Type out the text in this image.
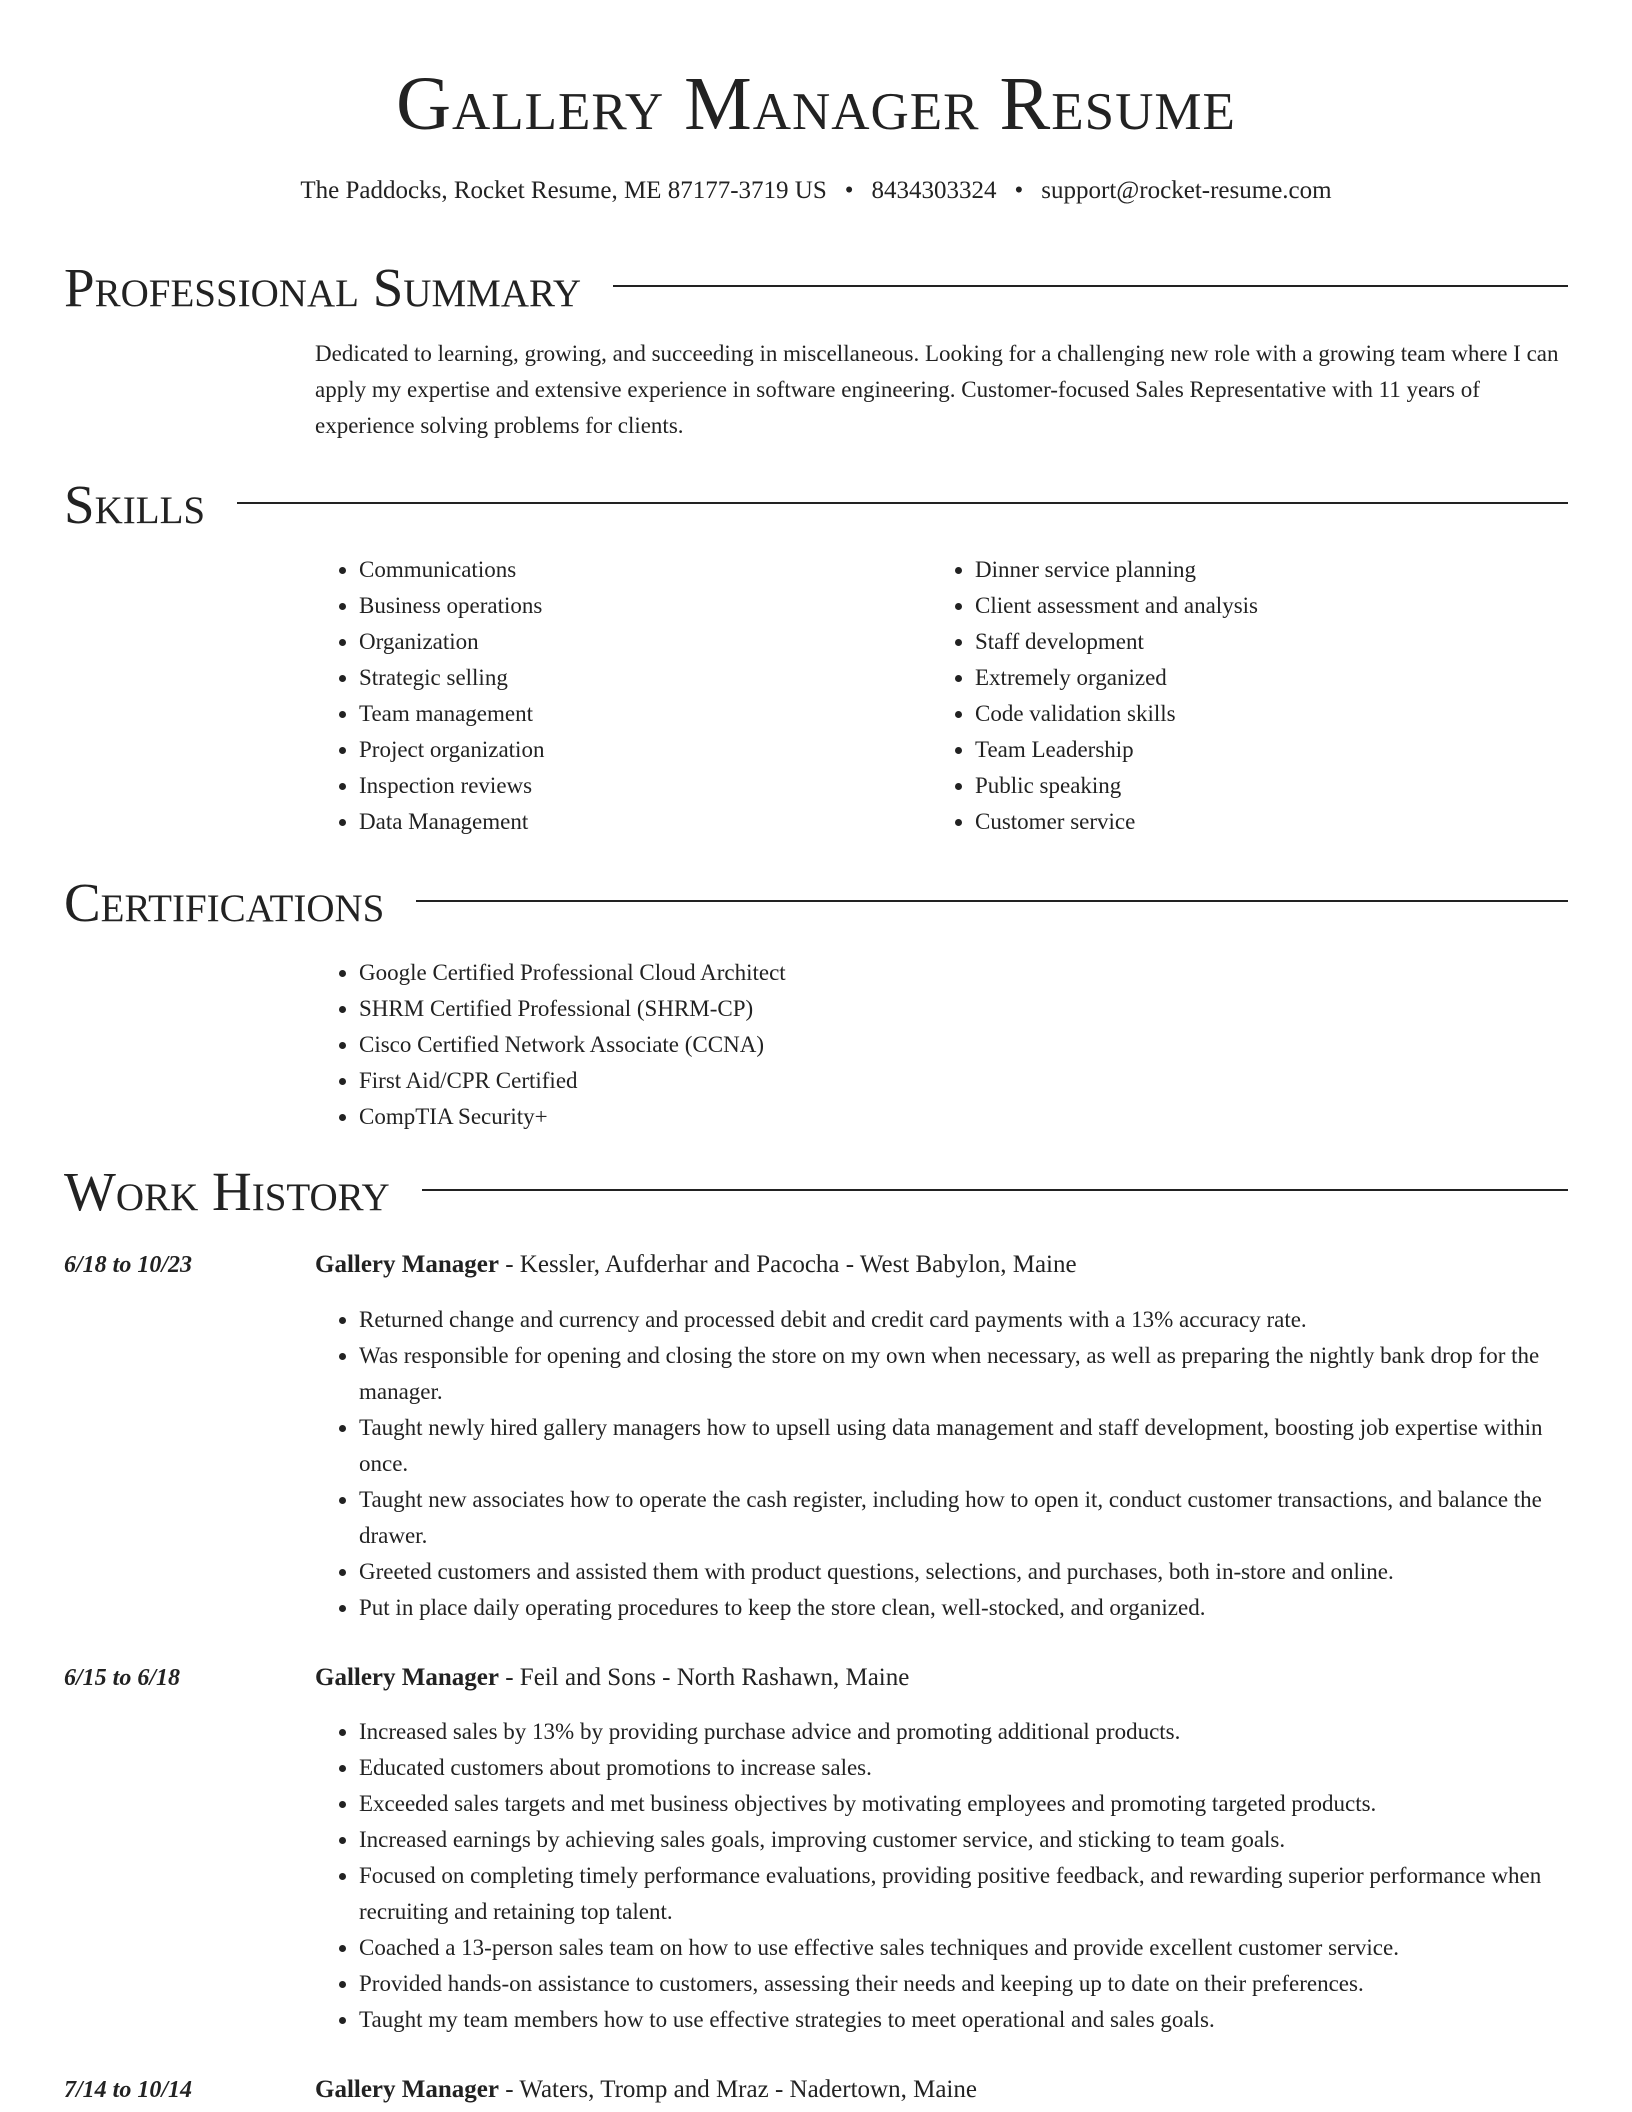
Gallery Manager Resume
The Paddocks, Rocket Resume, ME 87177-3719 US • 8434303324 • support@rocket-resume.com
Professional Summary

Dedicated to learning, growing, and succeeding in miscellaneous. Looking for a challenging new role with a growing team where I can apply my expertise and extensive experience in software engineering. Customer-focused Sales Representative with 11 years of experience solving problems for clients.

Skills
• Communications
• Business operations
• Organization
• Strategic selling
• Team management
• Project organization
• Inspection reviews
• Data Management
• Dinner service planning
• Client assessment and analysis
• Staff development
• Extremely organized
• Code validation skills
• Team Leadership
• Public speaking
• Customer service
Certifications
• Google Certified Professional Cloud Architect
• SHRM Certified Professional (SHRM-CP)
• Cisco Certified Network Associate (CCNA)
• First Aid/CPR Certified
• CompTIA Security+
Work History
6/18 to 10/23	Gallery Manager - Kessler, Aufderhar and Pacocha - West Babylon, Maine
• Returned change and currency and processed debit and credit card payments with a 13% accuracy rate.
• Was responsible for opening and closing the store on my own when necessary, as well as preparing the nightly bank drop for the manager.
• Taught newly hired gallery managers how to upsell using data management and staff development, boosting job expertise within once.
• Taught new associates how to operate the cash register, including how to open it, conduct customer transactions, and balance the drawer.
• Greeted customers and assisted them with product questions, selections, and purchases, both in-store and online.
• Put in place daily operating procedures to keep the store clean, well-stocked, and organized.
6/15 to 6/18	Gallery Manager - Feil and Sons - North Rashawn, Maine
• Increased sales by 13% by providing purchase advice and promoting additional products.
• Educated customers about promotions to increase sales.
• Exceeded sales targets and met business objectives by motivating employees and promoting targeted products.
• Increased earnings by achieving sales goals, improving customer service, and sticking to team goals.
• Focused on completing timely performance evaluations, providing positive feedback, and rewarding superior performance when recruiting and retaining top talent.
• Coached a 13-person sales team on how to use effective sales techniques and provide excellent customer service.
• Provided hands-on assistance to customers, assessing their needs and keeping up to date on their preferences.
• Taught my team members how to use effective strategies to meet operational and sales goals.
7/14 to 10/14	Gallery Manager - Waters, Tromp and Mraz - Nadertown, Maine
